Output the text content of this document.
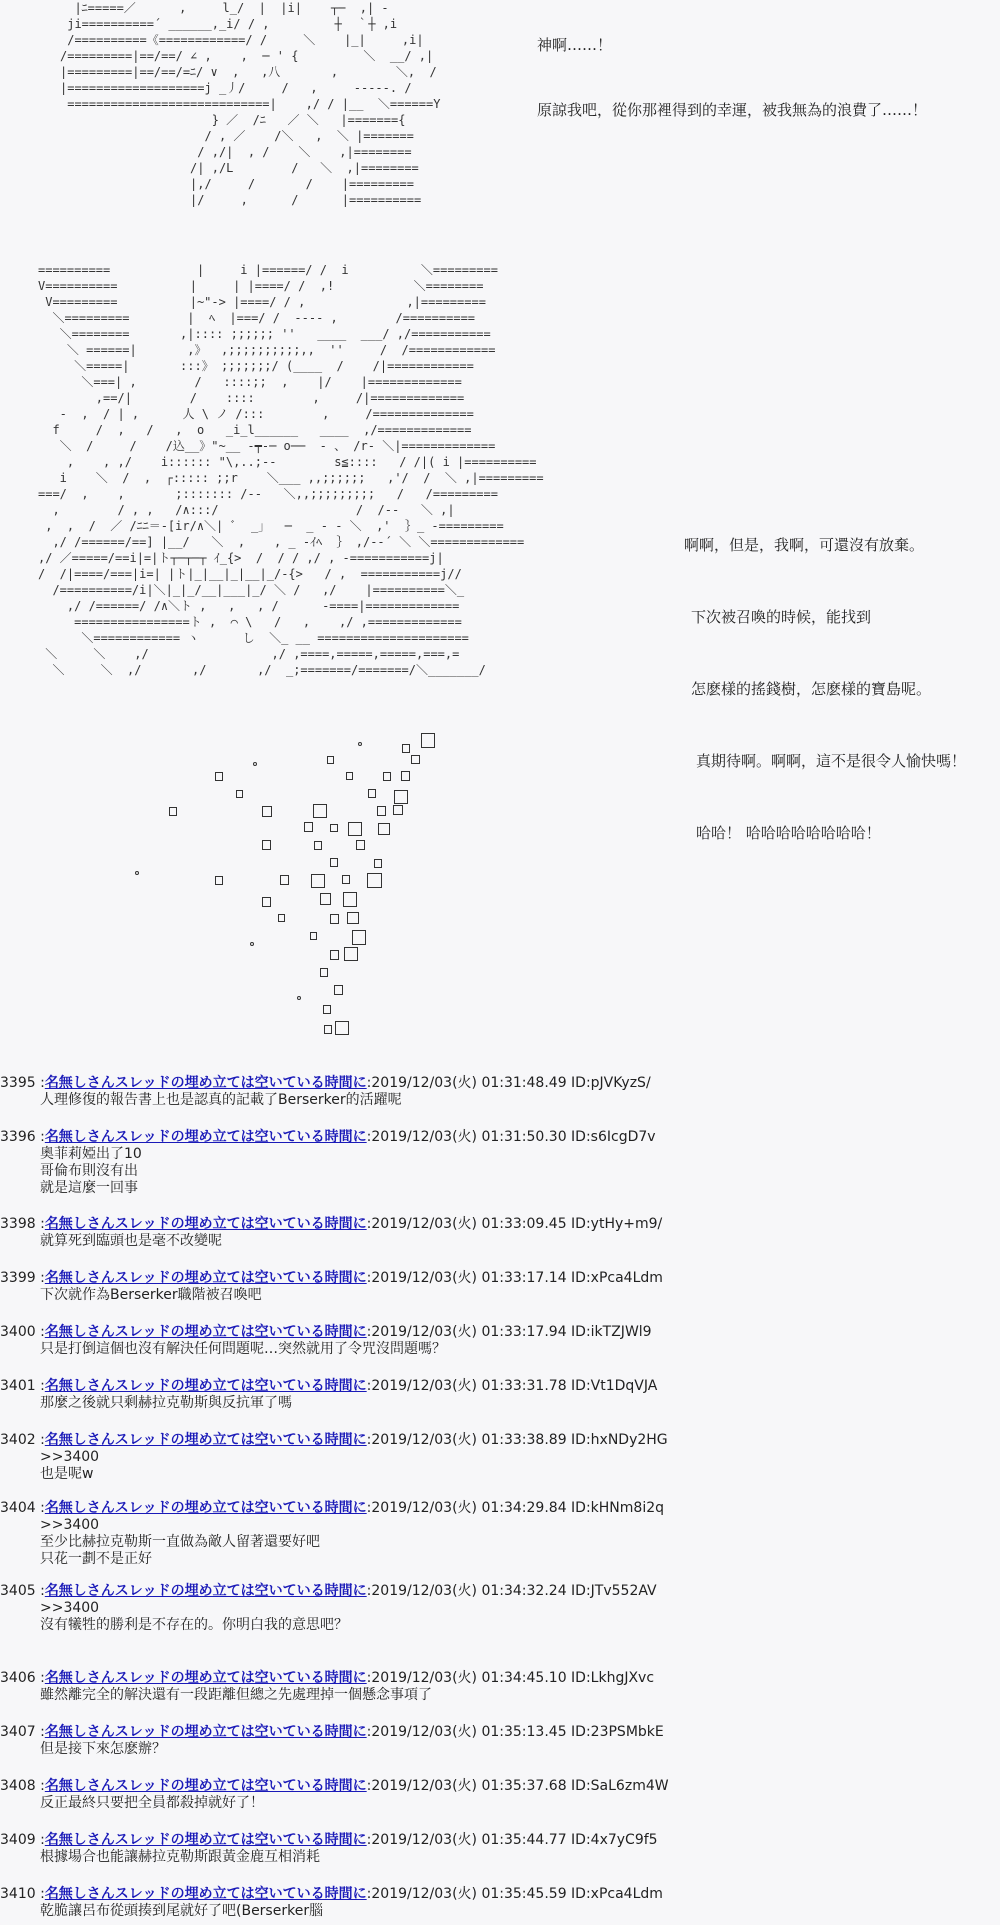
|ﾆ=====／      ,     l_/  |  |i|    ┬─  ,| -
ji==========´ ______,_i/ / ,         ┼  ｀┼ ,i
/==========《============/ /     ＼    |_|     ,i|
/=========|==/==/ ∠ ,    ,  ─ ' {         ＼  __/ ,|
|=========|==/==/=ﾆ/ ∨  ,   ,八       ,        ＼,  /
|===================j _丿/     /   ,     -----. /
============================|    ,/ / |__  ＼======Y
} ／  /ﾆ   ／ ＼   |======={
/ , ／    /＼   ,  ＼ |=======
/ ,/|  , /    ＼    ,|========
/| ,/L        /   ＼  ,|========
|,/     /       /    |=========
|/     ,      /      |==========

神啊……！

原諒我吧，從你那裡得到的幸運，被我無為的浪費了……！

==========            |     i |======/ /  i          ＼=========
V==========          |     | |====/ /  ,!           ＼========
V=========          |~"‐> |====/ / ,              ,|=========
＼=========        |  ﾍ  |===/ /  ‐--- ,        /==========
＼========       ,|:::: ;;;;;; ''   ____  ___/ ,/===========
＼ ======|       ,》  ,;;;;;;;;;;,,  ''     /  /============
＼=====|       :::》 ;;;;;;;/ (____  /    /|============
＼===| ,        /   ::::;;  ,    |/    |=============
,==/|        /    ::::        ,     /|=============
-  ,  / | ,      人 \ ノ /:::        ,     /==============
f     /  ,   /   ,  o   _i_l______   ____  ,/=============
＼  /     /    /込__》"~__ ‐┯‐─ o──  ‐ 、 /r‐ ＼|=============
,    , ,/    i:::::: "\,..;--        s≦::::   / /|( i |==========
i    ＼  /  ,  ┌::::: ;;r    ＼___ ,,;;;;;;   ,'/  /  ＼ ,|=========
===/  ,    ,       ;::::::: /‐‐   ＼,,;;;;;;;;;   /   /=========
,        / , ,   /∧:::/                   /  /‐‐   ＼ ,|
,  ,  /  ／ /ﾆﾆ＝‐[ir/∧＼| ﾞ  _」  ─  _ - ‐ ＼  ,'  ｝_ -=========
,/ /======/==] |__/   ＼  ,    , _ -ｲﾍ  ｝ ,/-‐´ ＼ ＼=============
,/ ／=====/==i|=|ト┬─┬─┬ ｲ_{>  /  / / ,/ , -===========j|
/  /|====/===|i=| |ト|_|__|_|__|_/-{>   / ,  ===========j//
/==========/i|＼|_|_/__|___|_/ ＼ /   ,/    |==========＼_
,/ /======/ /∧＼ト ,   ,   , /      -====|=============
================ト ,  ⌒ \   /   ,    ,/ ,=============
＼============ ヽ      し  ＼_ __ =====================
＼     ＼    ,/                 ,/ ,====,=====,=====,===,=
＼     ＼  ,/       ,/       ,/  _;=======/=======/＼_______/

啊啊，但是，我啊，可還沒有放棄。

下次被召喚的時候，能找到

怎麽樣的搖錢樹，怎麽樣的寶島呢。

真期待啊。啊啊，這不是很令人愉快嗎！

哈哈！ 哈哈哈哈哈哈哈哈！

3395 :名無しさんスレッドの埋め立ては空いている時間に:2019/12/03(火) 01:31:48.49 ID:pJVKyzS/
人理修復的報告書上也是認真的記載了Berserker的活躍呢
3396 :名無しさんスレッドの埋め立ては空いている時間に:2019/12/03(火) 01:31:50.30 ID:s6IcgD7v
奧菲莉婭出了10
哥倫布則沒有出
就是這麼一回事
3398 :名無しさんスレッドの埋め立ては空いている時間に:2019/12/03(火) 01:33:09.45 ID:ytHy+m9/
就算死到臨頭也是毫不改變呢
3399 :名無しさんスレッドの埋め立ては空いている時間に:2019/12/03(火) 01:33:17.14 ID:xPca4Ldm
下次就作為Berserker職階被召喚吧
3400 :名無しさんスレッドの埋め立ては空いている時間に:2019/12/03(火) 01:33:17.94 ID:ikTZJWl9
只是打倒這個也沒有解決任何問題呢…突然就用了令咒沒問題嗎？
3401 :名無しさんスレッドの埋め立ては空いている時間に:2019/12/03(火) 01:33:31.78 ID:Vt1DqVJA
那麼之後就只剩赫拉克勒斯與反抗軍了嗎
3402 :名無しさんスレッドの埋め立ては空いている時間に:2019/12/03(火) 01:33:38.89 ID:hxNDy2HG
>>3400
也是呢w
3404 :名無しさんスレッドの埋め立ては空いている時間に:2019/12/03(火) 01:34:29.84 ID:kHNm8i2q
>>3400
至少比赫拉克勒斯一直做為敵人留著還要好吧
只花一劃不是正好
3405 :名無しさんスレッドの埋め立ては空いている時間に:2019/12/03(火) 01:34:32.24 ID:JTv552AV
>>3400
沒有犧牲的勝利是不存在的。你明白我的意思吧？
3406 :名無しさんスレッドの埋め立ては空いている時間に:2019/12/03(火) 01:34:45.10 ID:LkhgJXvc
雖然離完全的解決還有一段距離但總之先處理掉一個懸念事項了
3407 :名無しさんスレッドの埋め立ては空いている時間に:2019/12/03(火) 01:35:13.45 ID:23PSMbkE
但是接下來怎麽辦？
3408 :名無しさんスレッドの埋め立ては空いている時間に:2019/12/03(火) 01:35:37.68 ID:SaL6zm4W
反正最終只要把全員都殺掉就好了！
3409 :名無しさんスレッドの埋め立ては空いている時間に:2019/12/03(火) 01:35:44.77 ID:4x7yC9f5
根據場合也能讓赫拉克勒斯跟黃金鹿互相消耗
3410 :名無しさんスレッドの埋め立ては空いている時間に:2019/12/03(火) 01:35:45.59 ID:xPca4Ldm
乾脆讓呂布從頭揍到尾就好了吧(Berserker腦
